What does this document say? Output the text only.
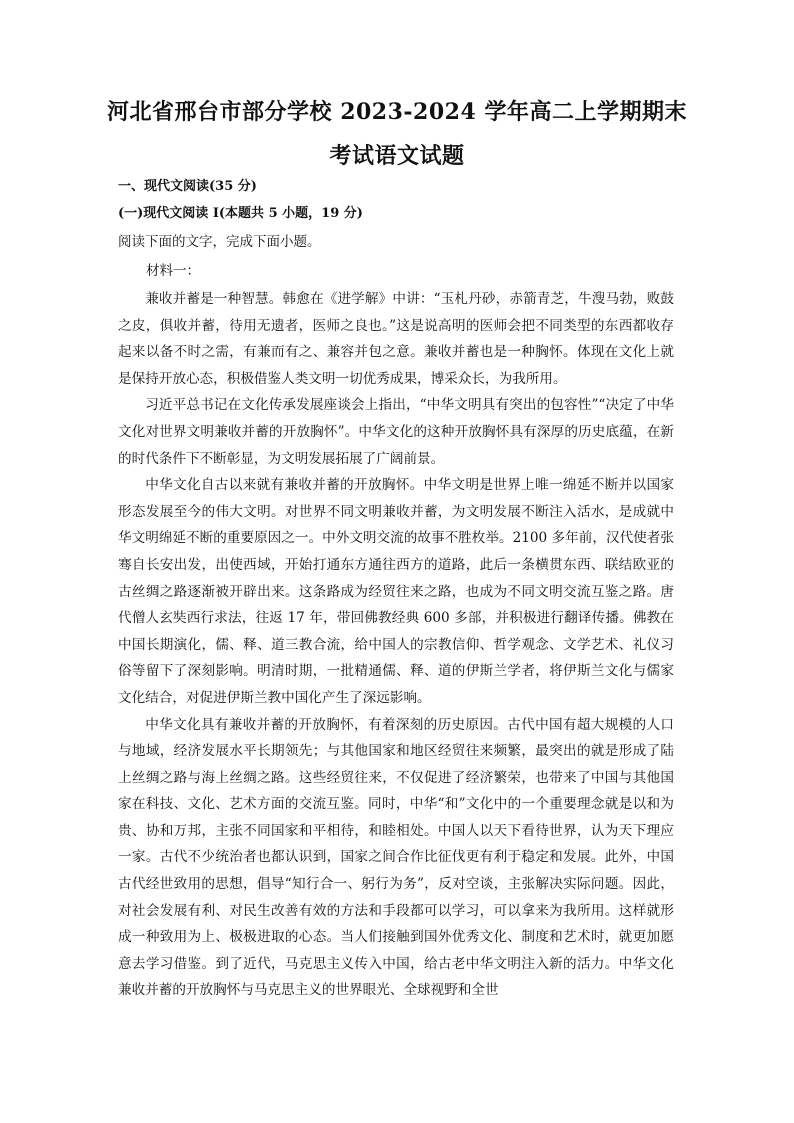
河北省邢台市部分学校 2023-2024 学年高二上学期期末
考试语文试题
一、现代文阅读(35 分)
(一)现代文阅读 I(本题共 5 小题，19 分)
阅读下面的文字，完成下面小题。
材料一：

兼收并蓄是一种智慧。韩愈在《进学解》中讲：“玉札丹砂，赤箭青芝，牛溲马勃，败鼓之皮，俱收并蓄，待用无遗者，医师之良也。”这是说高明的医师会把不同类型的东西都收存起来以备不时之需，有兼而有之、兼容并包之意。兼收并蓄也是一种胸怀。体现在文化上就是保持开放心态，积极借鉴人类文明一切优秀成果，博采众长，为我所用。

习近平总书记在文化传承发展座谈会上指出，“中华文明具有突出的包容性”“决定了中华文化对世界文明兼收并蓄的开放胸怀”。中华文化的这种开放胸怀具有深厚的历史底蕴，在新的时代条件下不断彰显，为文明发展拓展了广阔前景。

中华文化自古以来就有兼收并蓄的开放胸怀。中华文明是世界上唯一绵延不断并以国家形态发展至今的伟大文明。对世界不同文明兼收并蓄，为文明发展不断注入活水，是成就中华文明绵延不断的重要原因之一。中外文明交流的故事不胜枚举。2100 多年前，汉代使者张骞自长安出发，出使西域，开始打通东方通往西方的道路，此后一条横贯东西、联结欧亚的古丝绸之路逐渐被开辟出来。这条路成为经贸往来之路，也成为不同文明交流互鉴之路。唐代僧人玄奘西行求法，往返 17 年，带回佛教经典 600 多部，并积极进行翻译传播。佛教在中国长期演化，儒、释、道三教合流，给中国人的宗教信仰、哲学观念、文学艺术、礼仪习俗等留下了深刻影响。明清时期，一批精通儒、释、道的伊斯兰学者，将伊斯兰文化与儒家文化结合，对促进伊斯兰教中国化产生了深远影响。

中华文化具有兼收并蓄的开放胸怀，有着深刻的历史原因。古代中国有超大规模的人口与地域，经济发展水平长期领先；与其他国家和地区经贸往来频繁，最突出的就是形成了陆上丝绸之路与海上丝绸之路。这些经贸往来，不仅促进了经济繁荣，也带来了中国与其他国家在科技、文化、艺术方面的交流互鉴。同时，中华“和”文化中的一个重要理念就是以和为贵、协和万邦，主张不同国家和平相待，和睦相处。中国人以天下看待世界，认为天下理应一家。古代不少统治者也都认识到，国家之间合作比征伐更有利于稳定和发展。此外，中国古代经世致用的思想，倡导“知行合一、躬行为务”，反对空谈，主张解决实际问题。因此，对社会发展有利、对民生改善有效的方法和手段都可以学习，可以拿来为我所用。这样就形成一种致用为上、极极进取的心态。当人们接触到国外优秀文化、制度和艺术时，就更加愿意去学习借鉴。到了近代，马克思主义传入中国，给古老中华文明注入新的活力。中华文化兼收并蓄的开放胸怀与马克思主义的世界眼光、全球视野和全世
